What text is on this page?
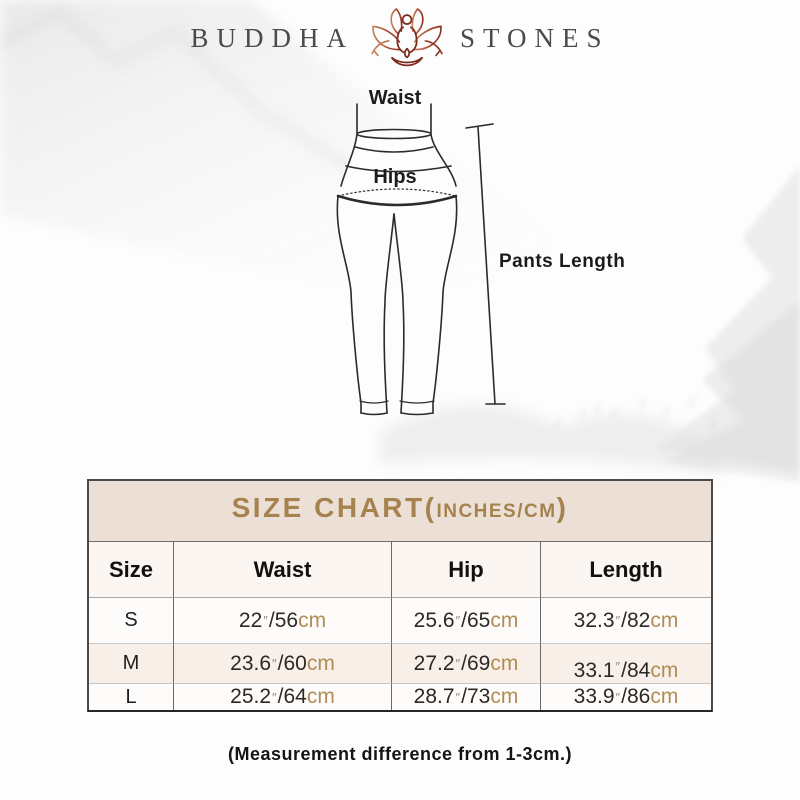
BUDDHA	STONES
Waist
Hips
Pants Length
SIZE CHART( INCHES/CM )
Size	Waist	Hip	Length
S	22 ″ / 56 cm	25.6 ″ / 65 cm	32.3 ″ / 82 cm
M	23.6 ″ / 60 cm	27.2 ″ / 69 cm	33.1″/84cm
L	25.2 ″ / 64 cm	28.7 ″ / 73 cm	33.9 ″ / 86 cm
(Measurement difference from 1-3cm.)
